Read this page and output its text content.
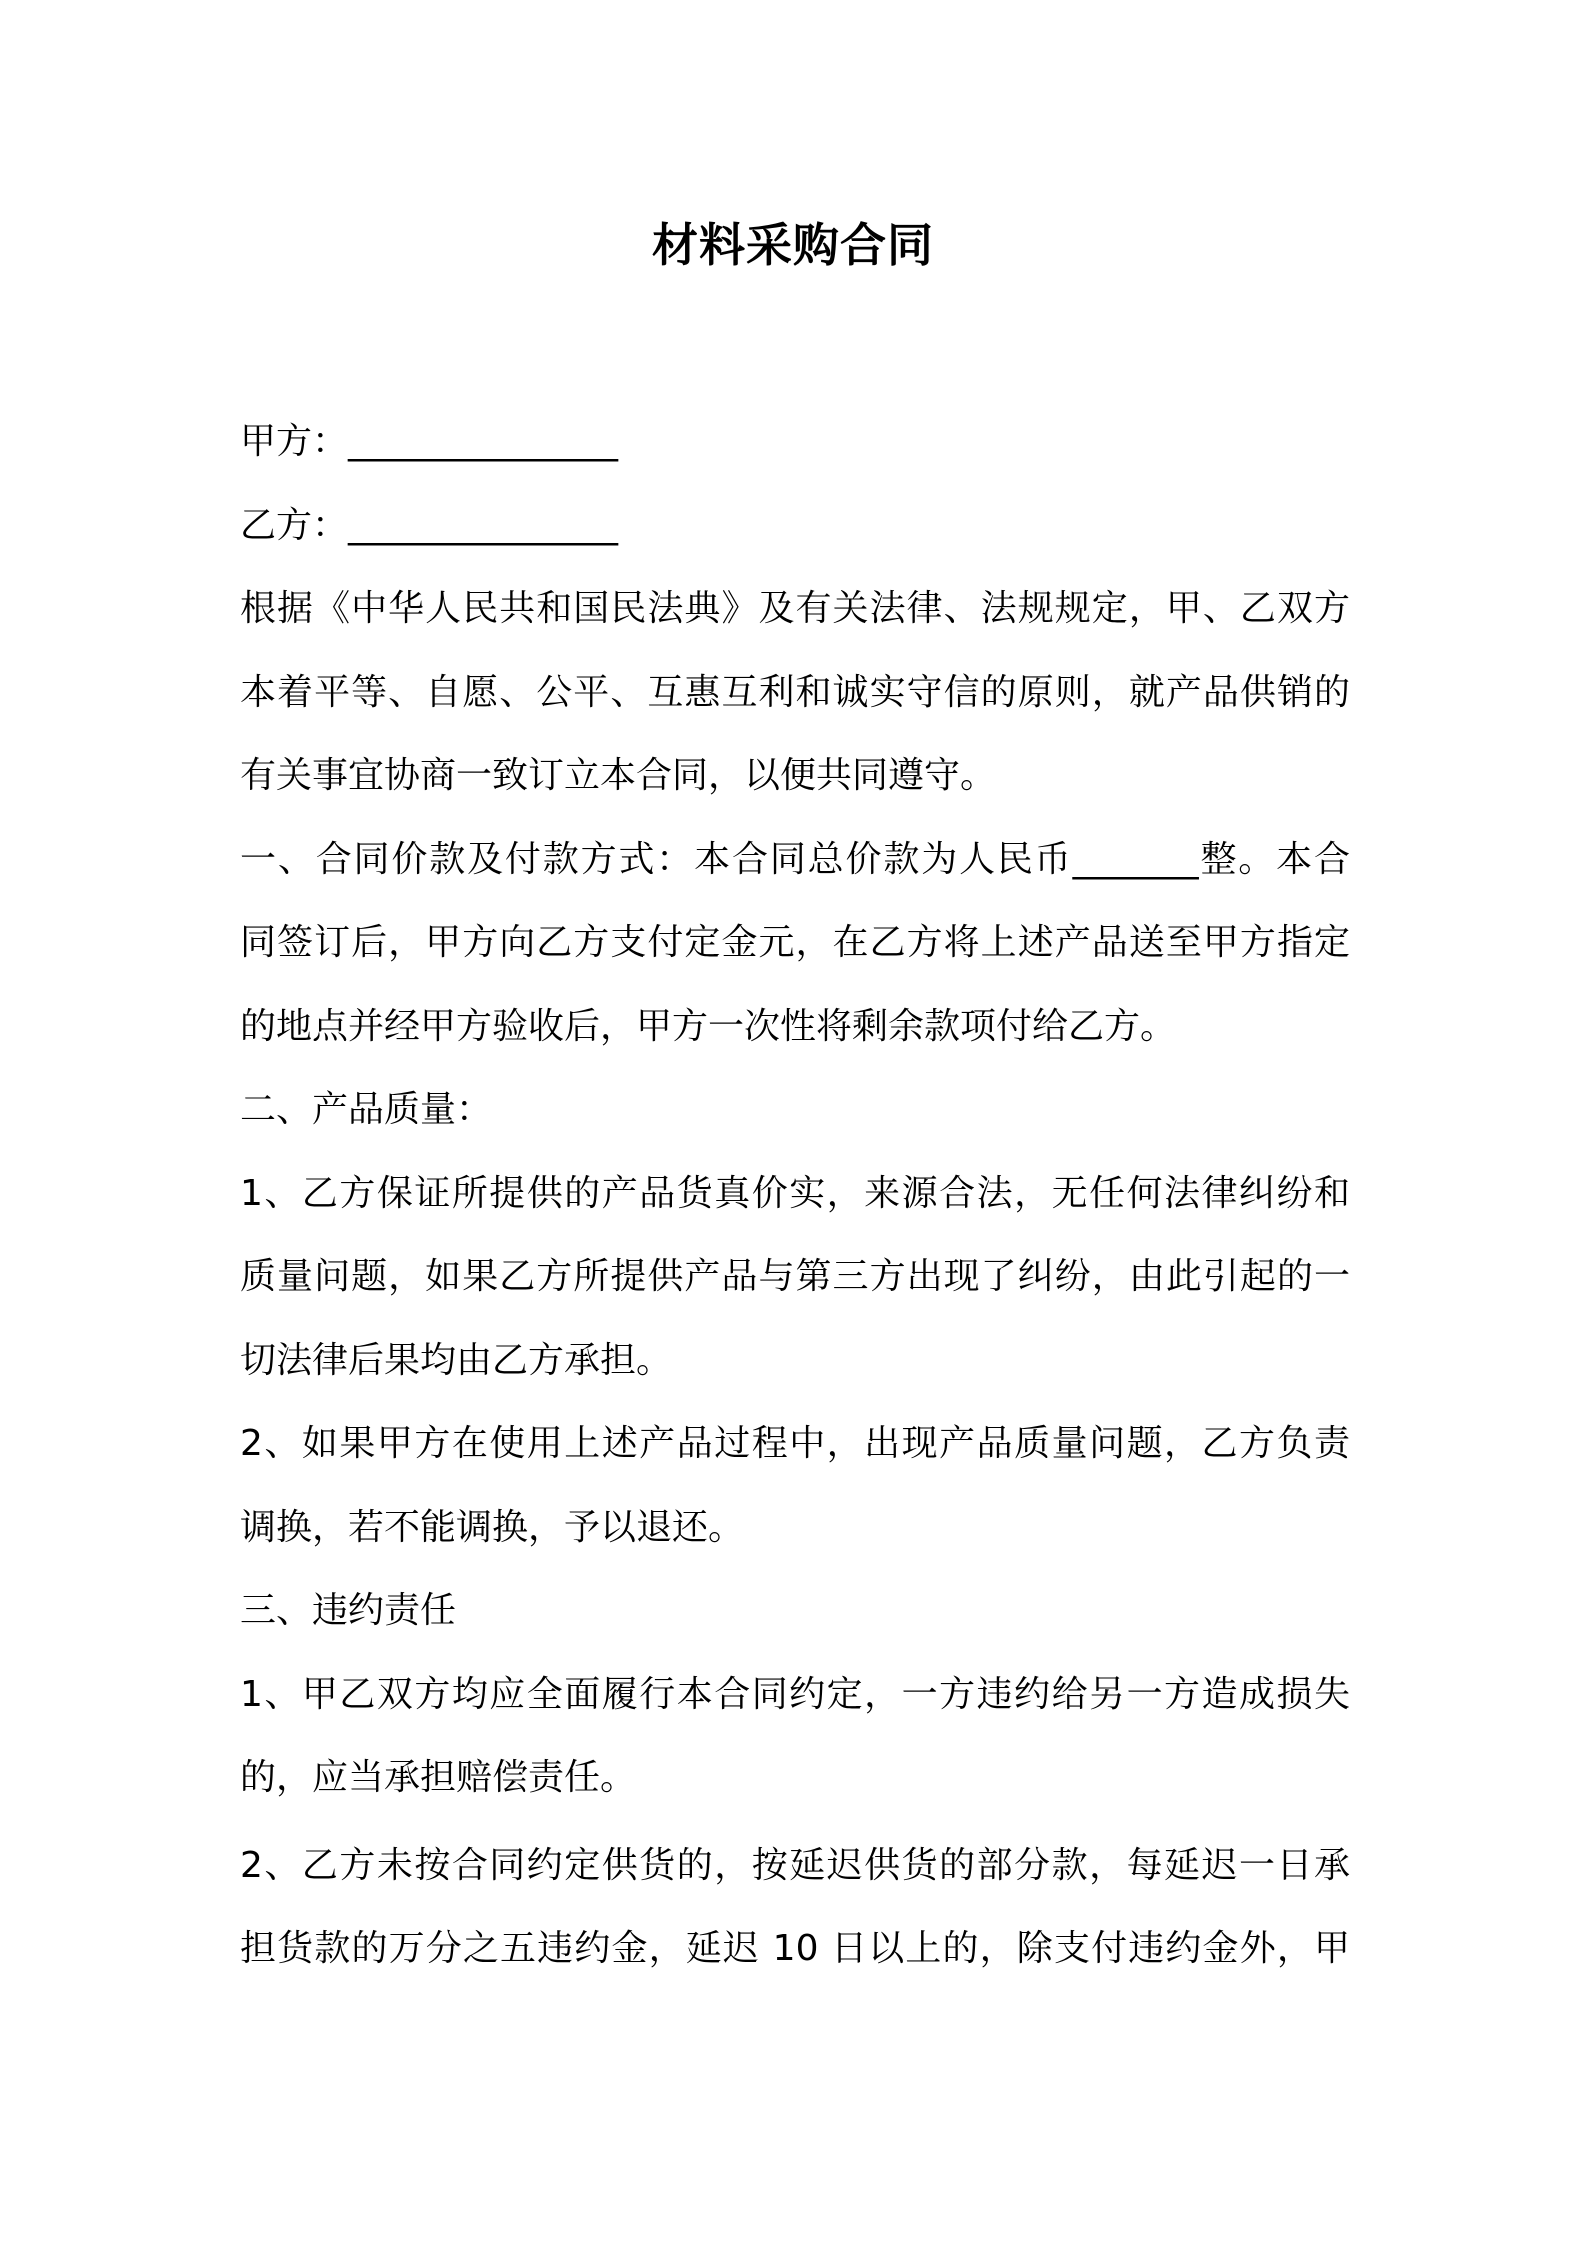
材料采购合同
甲方：_______________
乙方：_______________
根据《中华人民共和国民法典》及有关法律、法规规定，甲、乙双方
本着平等、自愿、公平、互惠互利和诚实守信的原则，就产品供销的
有关事宜协商一致订立本合同，以便共同遵守。
一、合同价款及付款方式：本合同总价款为人民币_______整。本合
同签订后，甲方向乙方支付定金元，在乙方将上述产品送至甲方指定
的地点并经甲方验收后，甲方一次性将剩余款项付给乙方。
二、产品质量：
1、乙方保证所提供的产品货真价实，来源合法，无任何法律纠纷和
质量问题，如果乙方所提供产品与第三方出现了纠纷，由此引起的一
切法律后果均由乙方承担。
2、如果甲方在使用上述产品过程中，出现产品质量问题，乙方负责
调换，若不能调换，予以退还。
三、违约责任
1、甲乙双方均应全面履行本合同约定，一方违约给另一方造成损失
的，应当承担赔偿责任。
2、乙方未按合同约定供货的，按延迟供货的部分款，每延迟一日承
担货款的万分之五违约金，延迟 10 日以上的，除支付违约金外，甲
